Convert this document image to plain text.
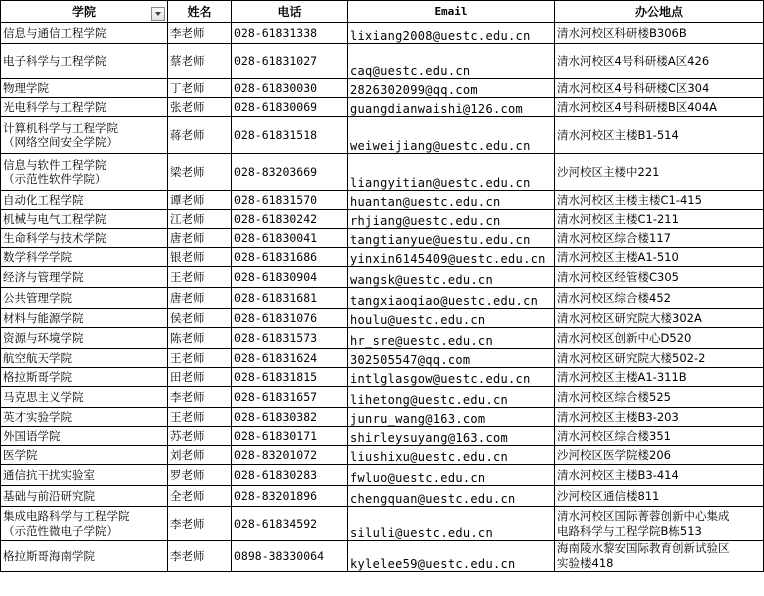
学院	姓名	电话	Email	办公地点
信息与通信工程学院	李老师	028-61831338	lixiang2008@uestc.edu.cn	清水河校区科研楼B306B
电子科学与工程学院	蔡老师	028-61831027	caq@uestc.edu.cn	清水河校区4号科研楼A区426
物理学院	丁老师	028-61830030	2826302099@qq.com	清水河校区4号科研楼C区304
光电科学与工程学院	张老师	028-61830069	guangdianwaishi@126.com	清水河校区4号科研楼B区404A
计算机科学与工程学院
（网络空间安全学院）	蒋老师	028-61831518	weiweijiang@uestc.edu.cn	清水河校区主楼B1-514
信息与软件工程学院
（示范性软件学院）	梁老师	028-83203669	liangyitian@uestc.edu.cn	沙河校区主楼中221
自动化工程学院	谭老师	028-61831570	huantan@uestc.edu.cn	清水河校区主楼主楼C1-415
机械与电气工程学院	江老师	028-61830242	rhjiang@uestc.edu.cn	清水河校区主楼C1-211
生命科学与技术学院	唐老师	028-61830041	tangtianyue@uestu.edu.cn	清水河校区综合楼117
数学科学学院	银老师	028-61831686	yinxin6145409@uestc.edu.cn	清水河校区主楼A1-510
经济与管理学院	王老师	028-61830904	wangsk@uestc.edu.cn	清水河校区经管楼C305
公共管理学院	唐老师	028-61831681	tangxiaoqiao@uestc.edu.cn	清水河校区综合楼452
材料与能源学院	侯老师	028-61831076	houlu@uestc.edu.cn	清水河校区研究院大楼302A
资源与环境学院	陈老师	028-61831573	hr_sre@uestc.edu.cn	清水河校区创新中心D520
航空航天学院	王老师	028-61831624	302505547@qq.com	清水河校区研究院大楼502-2
格拉斯哥学院	田老师	028-61831815	intlglasgow@uestc.edu.cn	清水河校区主楼A1-311B
马克思主义学院	李老师	028-61831657	lihetong@uestc.edu.cn	清水河校区综合楼525
英才实验学院	王老师	028-61830382	junru_wang@163.com	清水河校区主楼B3-203
外国语学院	苏老师	028-61830171	shirleysuyang@163.com	清水河校区综合楼351
医学院	刘老师	028-83201072	liushixu@uestc.edu.cn	沙河校区医学院楼206
通信抗干扰实验室	罗老师	028-61830283	fwluo@uestc.edu.cn	清水河校区主楼B3-414
基础与前沿研究院	全老师	028-83201896	chengquan@uestc.edu.cn	沙河校区通信楼811
集成电路科学与工程学院
（示范性微电子学院）	李老师	028-61834592	siluli@uestc.edu.cn	清水河校区国际菁蓉创新中心集成
电路科学与工程学院B栋513
格拉斯哥海南学院	李老师	0898-38330064	kylelee59@uestc.edu.cn	海南陵水黎安国际教育创新试验区
实验楼418
